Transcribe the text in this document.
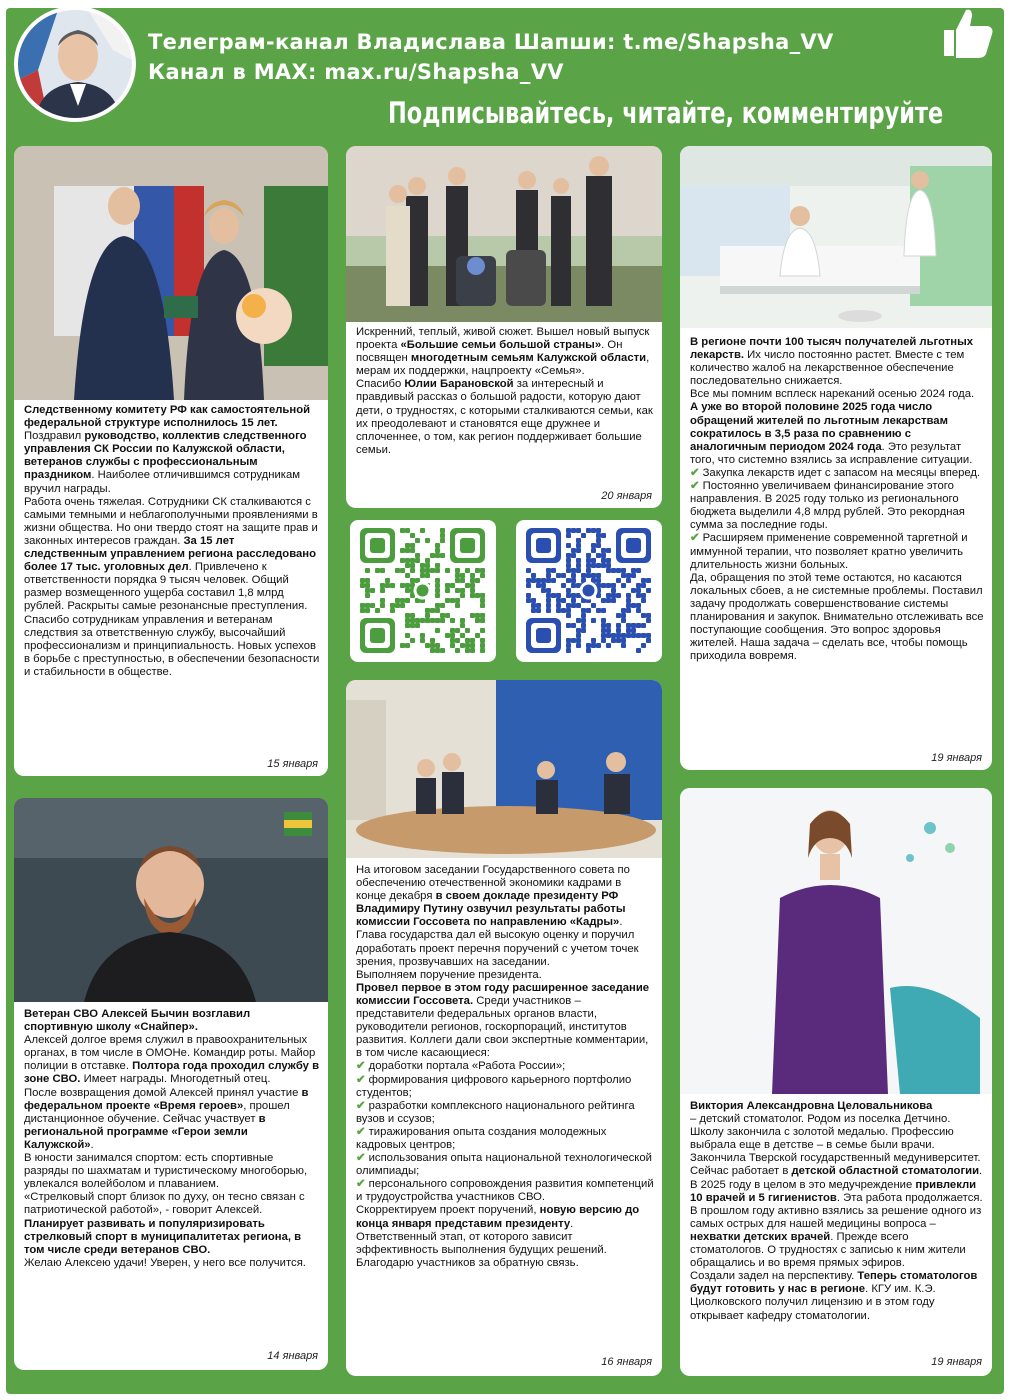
Телеграм-канал Владислава Шапши: t.me/Shapsha_VV
Канал в MAX: max.ru/Shapsha_VV
Подписывайтесь, читайте, комментируйте

Следственному комитету РФ как самостоятельной федеральной структуре исполнилось 15 лет.

Поздравил руководство, коллектив следственного управления СК России по Калужской области, ветеранов службы с профессиональным праздником. Наиболее отличившимся сотрудникам вручил награды.

Работа очень тяжелая. Сотрудники СК сталкиваются с самыми темными и неблагополучными проявлениями в жизни общества. Но они твердо стоят на защите прав и законных интересов граждан. За 15 лет следственным управлением региона расследовано более 17 тыс. уголовных дел. Привлечено к ответственности порядка 9 тысяч человек. Общий размер возмещенного ущерба составил 1,8 млрд рублей. Раскрыты самые резонансные преступления.

Спасибо сотрудникам управления и ветеранам следствия за ответственную службу, высочайший профессионализм и принципиальность. Новых успехов в борьбе с преступностью, в обеспечении безопасности и стабильности в обществе.

15 января

Искренний, теплый, живой сюжет. Вышел новый выпуск проекта «Большие семьи большой страны». Он посвящен многодетным семьям Калужской области, мерам их поддержки, нацпроекту «Семья».

Спасибо Юлии Барановской за интересный и правдивый рассказ о большой радости, которую дают дети, о трудностях, с которыми сталкиваются семьи, как их преодолевают и становятся еще дружнее и сплоченнее, о том, как регион поддерживает большие семьи.

20 января

В регионе почти 100 тысяч получателей льготных лекарств. Их число постоянно растет. Вместе с тем количество жалоб на лекарственное обеспечение последовательно снижается.

Все мы помним всплеск нареканий осенью 2024 года. А уже во второй половине 2025 года число обращений жителей по льготным лекарствам сократилось в 3,5 раза по сравнению с аналогичным периодом 2024 года. Это результат того, что системно взялись за исправление ситуации.

✔ Закупка лекарств идет с запасом на месяцы вперед.

✔ Постоянно увеличиваем финансирование этого направления. В 2025 году только из регионального бюджета выделили 4,8 млрд рублей. Это рекордная сумма за последние годы.

✔ Расширяем применение современной таргетной и иммунной терапии, что позволяет кратно увеличить длительность жизни больных.

Да, обращения по этой теме остаются, но касаются локальных сбоев, а не системные проблемы. Поставил задачу продолжать совершенствование системы планирования и закупок. Внимательно отслеживать все поступающие сообщения. Это вопрос здоровья жителей. Наша задача – сделать все, чтобы помощь приходила вовремя.

19 января

Ветеран СВО Алексей Бычин возглавил спортивную школу «Снайпер».

Алексей долгое время служил в правоохранительных органах, в том числе в ОМОНе. Командир роты. Майор полиции в отставке. Полтора года проходил службу в зоне СВО. Имеет награды. Многодетный отец.

После возвращения домой Алексей принял участие в федеральном проекте «Время героев», прошел дистанционное обучение. Сейчас участвует в региональной программе «Герои земли Калужской».

В юности занимался спортом: есть спортивные разряды по шахматам и туристическому многоборью, увлекался волейболом и плаванием.

«Стрелковый спорт близок по духу, он тесно связан с патриотической работой», - говорит Алексей.

Планирует развивать и популяризировать стрелковый спорт в муниципалитетах региона, в том числе среди ветеранов СВО.

Желаю Алексею удачи! Уверен, у него все получится.

14 января

На итоговом заседании Государственного совета по обеспечению отечественной экономики кадрами в конце декабря в своем докладе президенту РФ Владимиру Путину озвучил результаты работы комиссии Госсовета по направлению «Кадры». Глава государства дал ей высокую оценку и поручил доработать проект перечня поручений с учетом точек зрения, прозвучавших на заседании.

Выполняем поручение президента.

Провел первое в этом году расширенное заседание комиссии Госсовета. Среди участников – представители федеральных органов власти, руководители регионов, госкорпораций, институтов развития. Коллеги дали свои экспертные комментарии, в том числе касающиеся:

✔ доработки портала «Работа России»;

✔ формирования цифрового карьерного портфолио студентов;

✔ разработки комплексного национального рейтинга вузов и ссузов;

✔ тиражирования опыта создания молодежных кадровых центров;

✔ использования опыта национальной технологической олимпиады;

✔ персонального сопровождения развития компетенций и трудоустройства участников СВО.

Скорректируем проект поручений, новую версию до конца января представим президенту. Ответственный этап, от которого зависит эффективность выполнения будущих решений. Благодарю участников за обратную связь.

16 января

Виктория Александровна Целовальникова

– детский стоматолог. Родом из поселка Детчино. Школу закончила с золотой медалью. Профессию выбрала еще в детстве – в семье были врачи. Закончила Тверской государственный медуниверситет. Сейчас работает в детской областной стоматологии. В 2025 году в целом в это медучреждение привлекли 10 врачей и 5 гигиенистов. Эта работа продолжается.

В прошлом году активно взялись за решение одного из самых острых для нашей медицины вопроса – нехватки детских врачей. Прежде всего стоматологов. О трудностях с записью к ним жители обращались и во время прямых эфиров.

Создали задел на перспективу. Теперь стоматологов будут готовить у нас в регионе. КГУ им. К.Э. Циолковского получил лицензию и в этом году открывает кафедру стоматологии.

19 января
